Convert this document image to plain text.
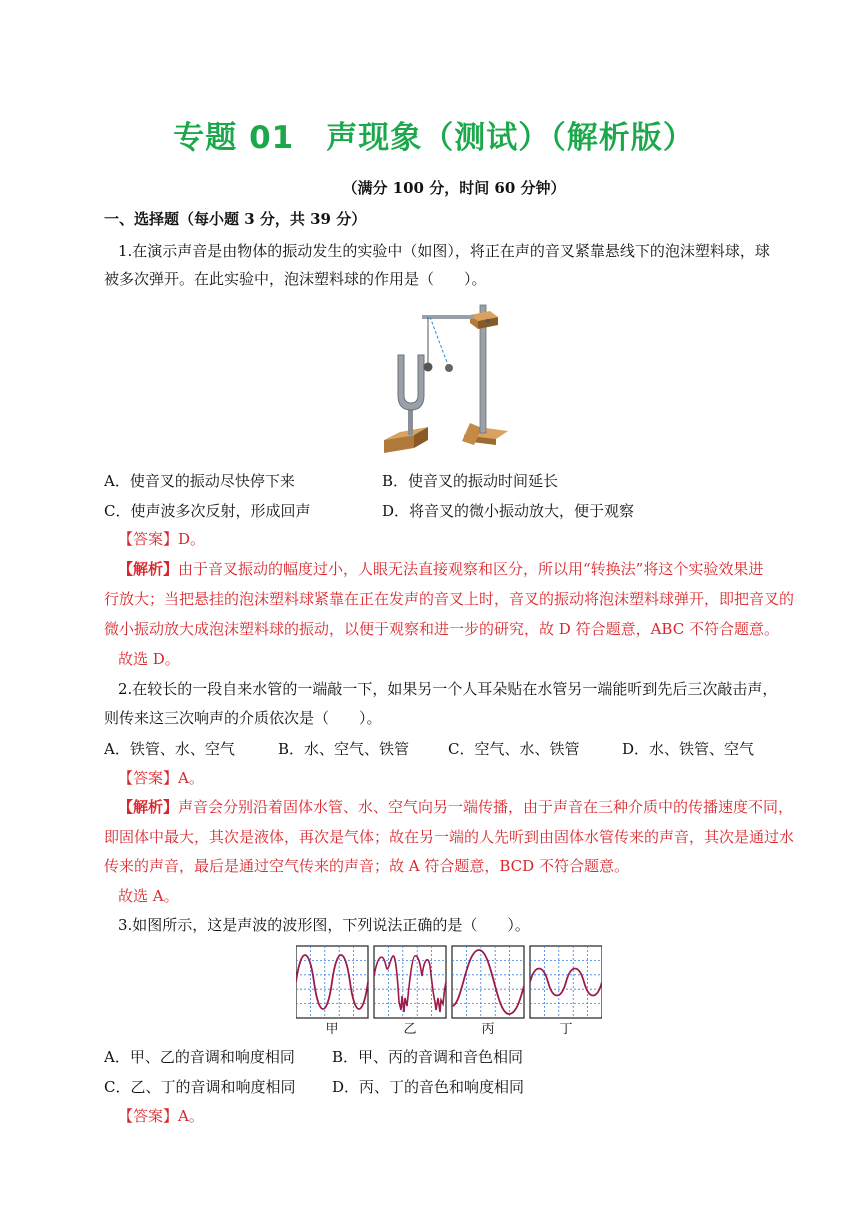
专题 01　声现象（测试）（解析版）
（满分 100 分，时间 60 分钟）
一、选择题（每小题 3 分，共 39 分）
1.在演示声音是由物体的振动发生的实验中（如图），将正在声的音叉紧靠悬线下的泡沫塑料球，球
被多次弹开。在此实验中，泡沫塑料球的作用是（　　）。
A．使音叉的振动尽快停下来	B．使音叉的振动时间延长
C．使声波多次反射，形成回声	D．将音叉的微小振动放大，便于观察
【答案】D。
【解析】由于音叉振动的幅度过小，人眼无法直接观察和区分，所以用“转换法”将这个实验效果进
行放大；当把悬挂的泡沫塑料球紧靠在正在发声的音叉上时，音叉的振动将泡沫塑料球弹开，即把音叉的
微小振动放大成泡沫塑料球的振动，以便于观察和进一步的研究，故 D 符合题意，ABC 不符合题意。
故选 D。
2.在较长的一段自来水管的一端敲一下，如果另一个人耳朵贴在水管另一端能听到先后三次敲击声，
则传来这三次响声的介质依次是（　　）。
A．铁管、水、空气	B．水、空气、铁管	C．空气、水、铁管	D．水、铁管、空气
【答案】A。
【解析】声音会分别沿着固体水管、水、空气向另一端传播，由于声音在三种介质中的传播速度不同，
即固体中最大，其次是液体，再次是气体；故在另一端的人先听到由固体水管传来的声音，其次是通过水
传来的声音，最后是通过空气传来的声音；故 A 符合题意，BCD 不符合题意。
故选 A。
3.如图所示，这是声波的波形图，下列说法正确的是（　　）。
甲	乙	丙	丁
A．甲、乙的音调和响度相同 B．甲、丙的音调和音色相同
C．乙、丁的音调和响度相同 D．丙、丁的音色和响度相同
【答案】A。
